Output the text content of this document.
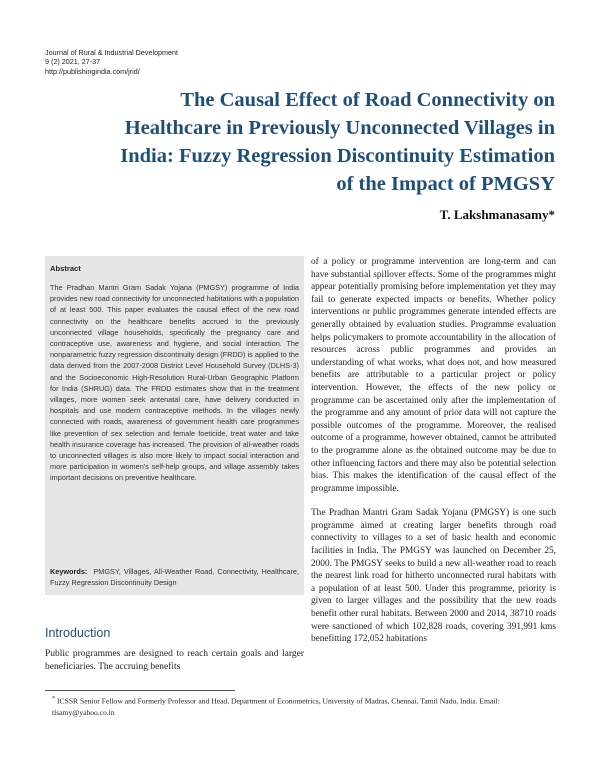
Journal of Rural & Industrial Development
9 (2) 2021, 27-37
http://publishingindia.com/jrid/
The Causal Effect of Road Connectivity on
Healthcare in Previously Unconnected Villages in
India: Fuzzy Regression Discontinuity Estimation
of the Impact of PMGSY
T. Lakshmanasamy*
Abstract
The Pradhan Mantri Gram Sadak Yojana (PMGSY) programme of India provides new road connectivity for unconnected habitations with a population of at least 500. This paper evaluates the causal effect of the new road connectivity on the healthcare benefits accrued to the previously unconnected village households, specifically the pregnancy care and contraceptive use, awareness and hygiene, and social interaction. The nonparametric fuzzy regression discontinuity design (FRDD) is applied to the data derived from the 2007-2008 District Level Household Survey (DLHS-3) and the Socioeconomic High-Resolution Rural-Urban Geographic Platform for India (SHRUG) data. The FRDD estimates show that in the treatment villages, more women seek antenatal care, have delivery conducted in hospitals and use modern contraceptive methods. In the villages newly connected with roads, awareness of government health care programmes like prevention of sex selection and female foeticide, treat water and take health insurance coverage has increased. The provision of all-weather roads to unconnected villages is also more likely to impact social interaction and more participation in women's self-help groups, and village assembly takes important decisions on preventive healthcare.
Keywords: PMGSY, Villages, All-Weather Road, Connectivity, Healthcare, Fuzzy Regression Discontinuity Design
Introduction
Public programmes are designed to reach certain goals and larger beneficiaries. The accruing benefits

of a policy or programme intervention are long-term and can have substantial spillover effects. Some of the programmes might appear potentially promising before implementation yet they may fail to generate expected impacts or benefits. Whether policy interventions or public programmes generate intended effects are generally obtained by evaluation studies. Programme evaluation helps policymakers to promote accountability in the allocation of resources across public programmes and provides an understanding of what works, what does not, and how measured benefits are attributable to a particular project or policy intervention. However, the effects of the new policy or programme can be ascertained only after the implementation of the programme and any amount of prior data will not capture the possible outcomes of the programme. Moreover, the realised outcome of a programme, however obtained, cannot be attributed to the programme alone as the obtained outcome may be due to other influencing factors and there may also be potential selection bias. This makes the identification of the causal effect of the programme impossible.

The Pradhan Mantri Gram Sadak Yojana (PMGSY) is one such programme aimed at creating larger benefits through road connectivity to villages to a set of basic health and economic facilities in India. The PMGSY was launched on December 25, 2000. The PMGSY seeks to build a new all-weather road to reach the nearest link road for hitherto unconnected rural habitats with a population of at least 500. Under this programme, priority is given to larger villages and the possibility that the new roads benefit other rural habitats. Between 2000 and 2014, 38710 roads were sanctioned of which 102,828 roads, covering 391,991 kms benefitting 172,052 habitations

* ICSSR Senior Fellow and Formerly Professor and Head, Department of Econometrics, University of Madras, Chennai, Tamil Nadu, India. Email: tlsamy@yahoo.co.in
